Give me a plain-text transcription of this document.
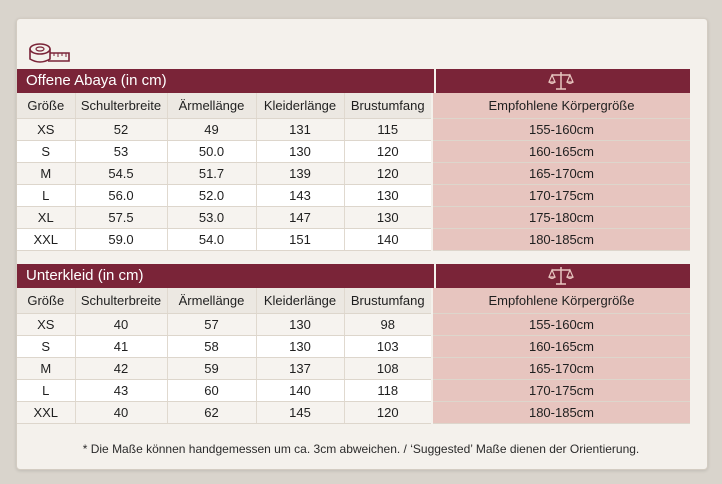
Offene Abaya (in cm)
Größe	Schulterbreite	Ärmellänge	Kleiderlänge	Brustumfang	Empfohlene Körpergröße
XS	52	49	131	115	155-160cm
S	53	50.0	130	120	160-165cm
M	54.5	51.7	139	120	165-170cm
L	56.0	52.0	143	130	170-175cm
XL	57.5	53.0	147	130	175-180cm
XXL	59.0	54.0	151	140	180-185cm
Unterkleid (in cm)
Größe	Schulterbreite	Ärmellänge	Kleiderlänge	Brustumfang	Empfohlene Körpergröße
XS	40	57	130	98	155-160cm
S	41	58	130	103	160-165cm
M	42	59	137	108	165-170cm
L	43	60	140	118	170-175cm
XXL	40	62	145	120	180-185cm
* Die Maße können handgemessen um ca. 3cm abweichen. / ‘Suggested’ Maße dienen der Orientierung.
